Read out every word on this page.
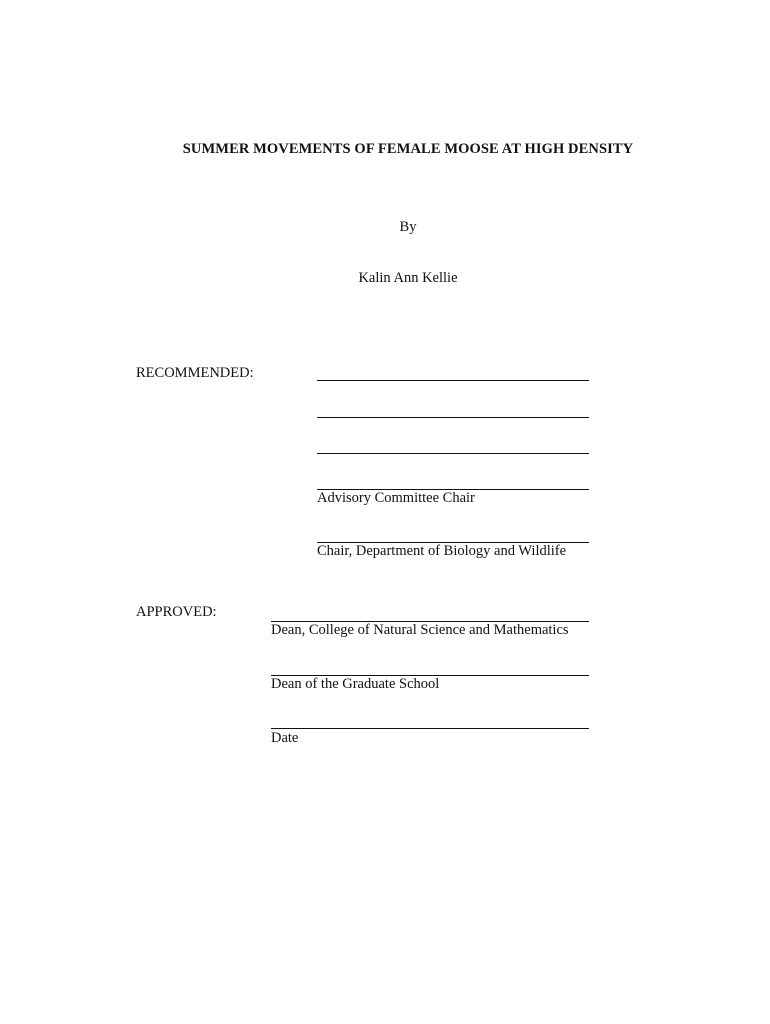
SUMMER MOVEMENTS OF FEMALE MOOSE AT HIGH DENSITY
By
Kalin Ann Kellie
RECOMMENDED:
Advisory Committee Chair
Chair, Department of Biology and Wildlife
APPROVED:
Dean, College of Natural Science and Mathematics
Dean of the Graduate School
Date
